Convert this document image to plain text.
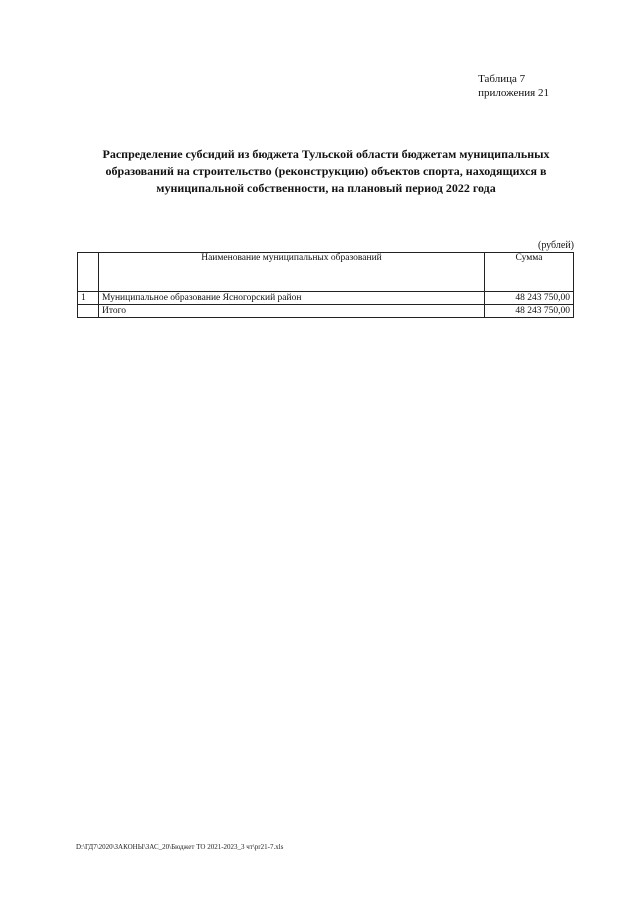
Таблица 7
приложения 21
Распределение субсидий из бюджета Тульской области бюджетам муниципальных образований на строительство (реконструкцию) объектов спорта, находящихся в муниципальной собственности, на плановый период 2022 года
(рублей)
	Наименование муниципальных образований	Сумма
1	Муниципальное образование Ясногорский район	48 243 750,00
	Итого	48 243 750,00
D:\ГД7\2020\ЗАКОНЫ\ЗАС_20\Бюджет ТО 2021-2023_3 чт\pr21-7.xls
